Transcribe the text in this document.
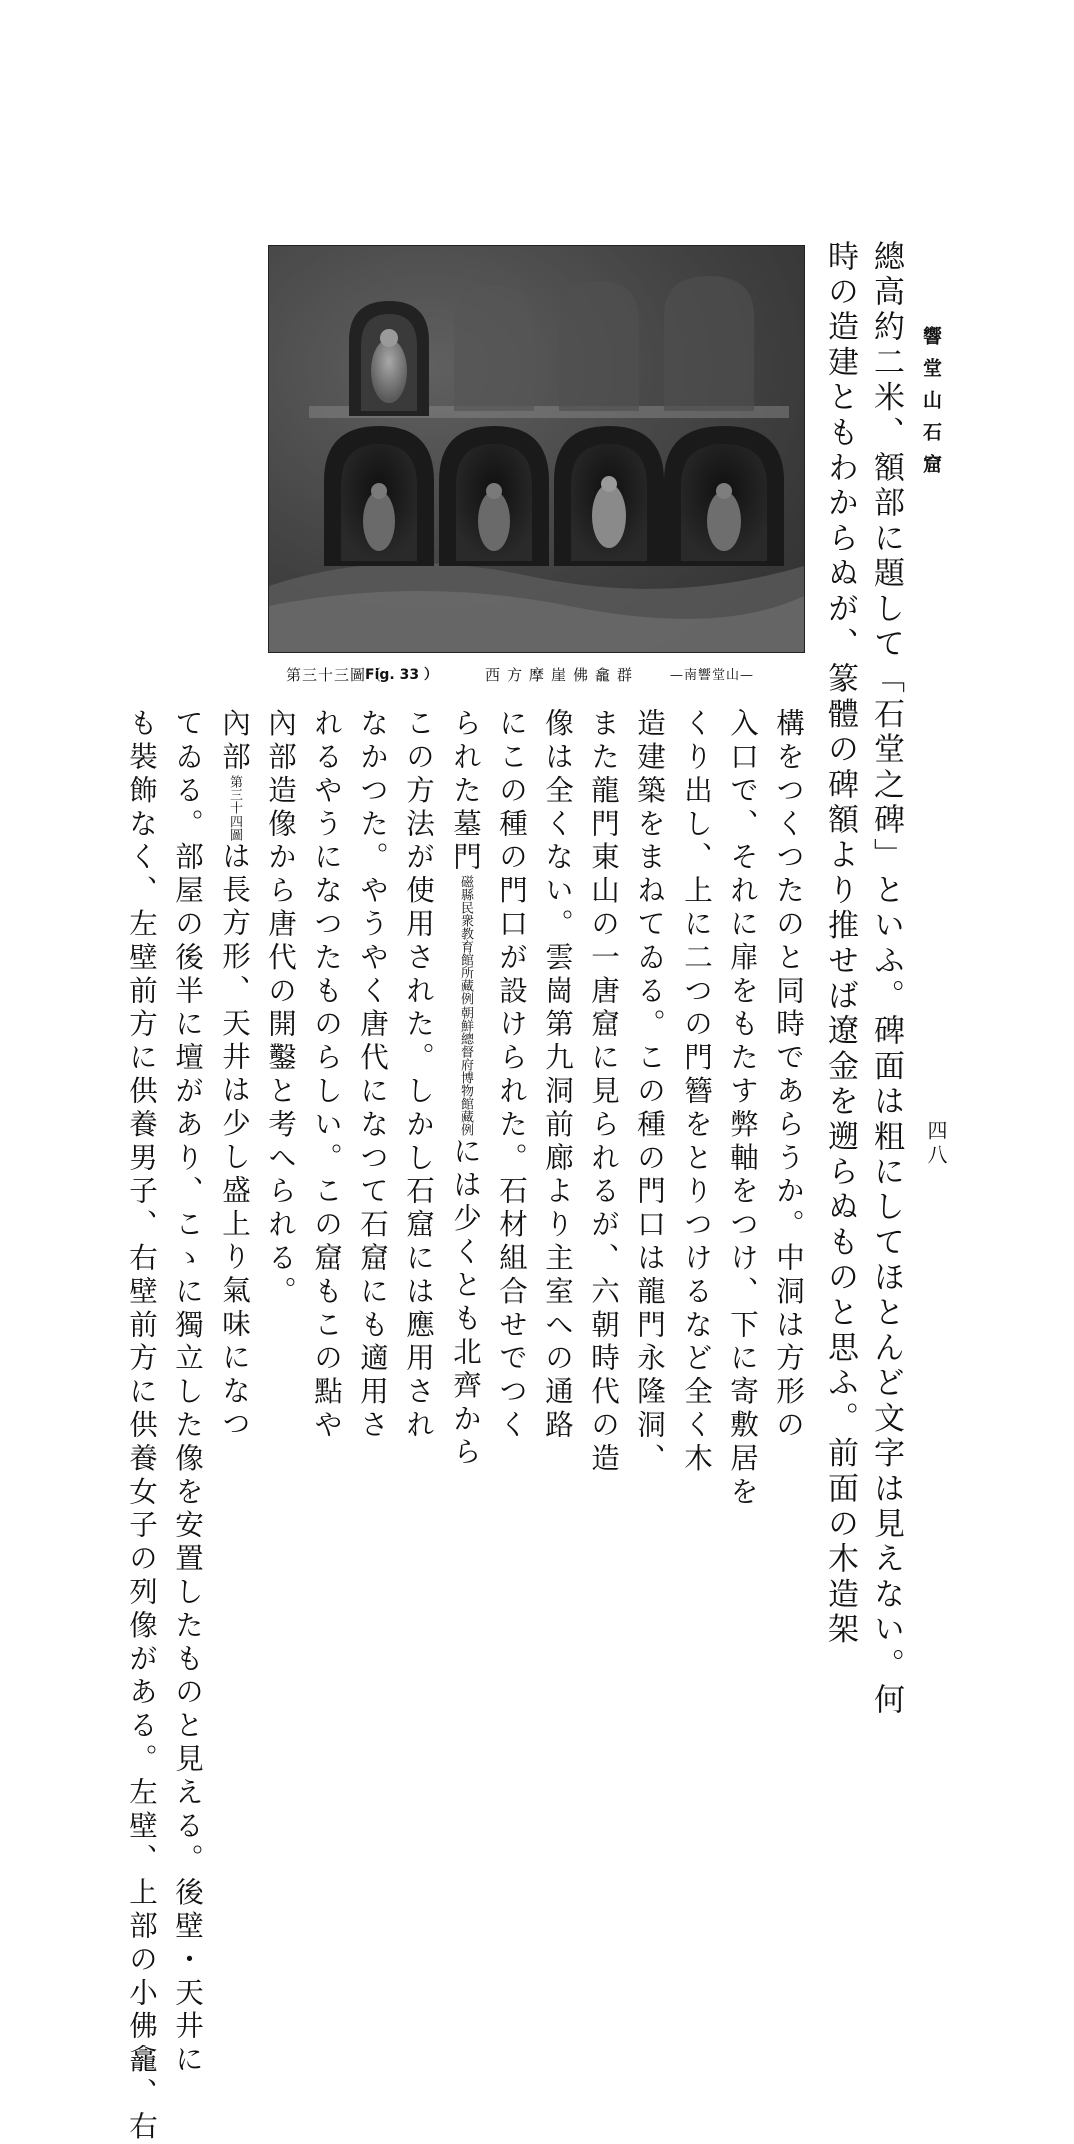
響堂山石窟
四八
總高約二米、額部に題して「石堂之碑」といふ。碑面は粗にしてほとんど文字は見えない。何
時の造建ともわからぬが、篆體の碑額より推せば遼金を遡らぬものと思ふ。前面の木造架
構をつくつたのと同時であらうか。中洞は方形の
入口で、それに扉をもたす弊軸をつけ、下に寄敷居を
くり出し、上に二つの門簪をとりつけるなど全く木
造建築をまねてゐる。この種の門口は龍門永隆洞、
また龍門東山の一唐窟に見られるが、六朝時代の造
像は全くない。雲崗第九洞前廊より主室への通路
にこの種の門口が設けられた。石材組合せでつく
られた墓門
磁縣民衆教育館所藏例
朝鮮總督府博物館藏例
には少くとも北齊から
この方法が使用された。しかし石窟には應用され
なかつた。やうやく唐代になつて石窟にも適用さ
れるやうになつたものらしい。この窟もこの點や
內部造像から唐代の開鑿と考へられる。
內部
第三十
四圖
は長方形、天井は少し盛上り氣味になつ
てゐる。部屋の後半に壇があり、こゝに獨立した像を安置したものと見える。後壁・天井に
も裝飾なく、左壁前方に供養男子、右壁前方に供養女子の列像がある。左壁、上部の小佛龕、右
第三十三圖（
Fig. 33 ）	西方摩崖佛龕群 —南響堂山—
